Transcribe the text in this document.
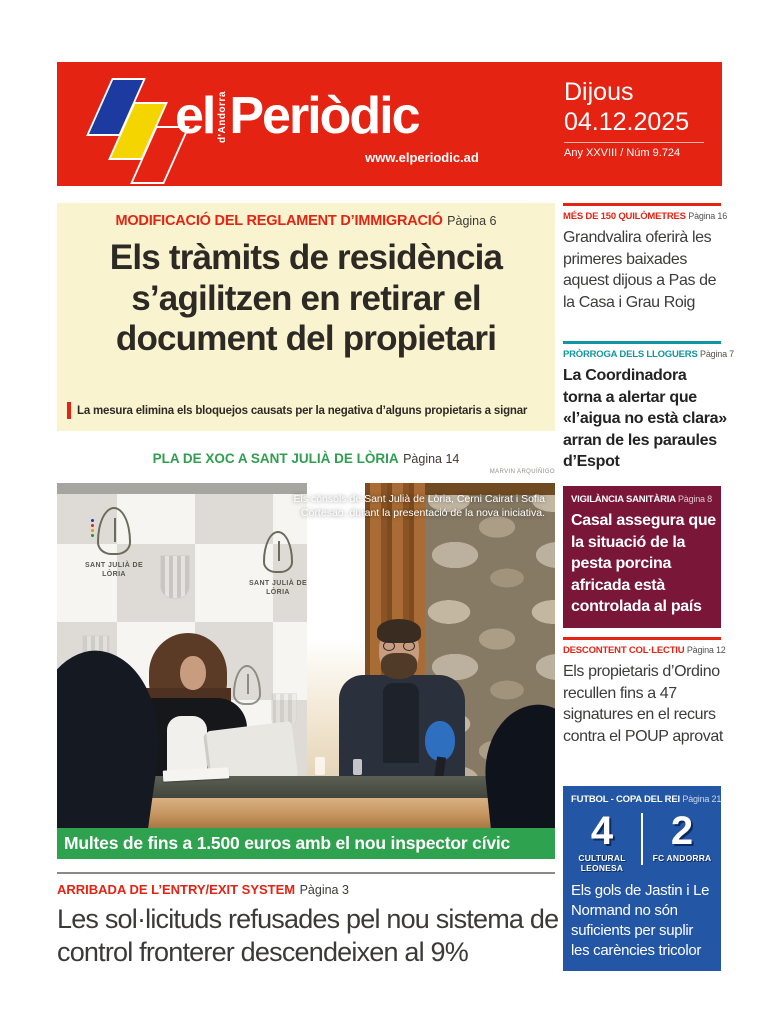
el d'Andorra Periòdic
www.elperiodic.ad
Dijous
04.12.2025
Any XXVIII / Núm 9.724
MODIFICACIÓ DEL REGLAMENT D’IMMIGRACIÓ Pàgina 6
Els tràmits de residència s’agilitzen en retirar el document del propietari
La mesura elimina els bloquejos causats per la negativa d’alguns propietaris a signar
PLA DE XOC A SANT JULIÀ DE LÒRIA Pàgina 14
MARVIN ARQUÍÑIGO
SANT JULIÀ DE LÒRIA
SANT JULIÀ DE LÒRIA
Els cònsols de Sant Julià de Lòria, Cerni Cairat i Sofia Cortesao, durant la presentació de la nova iniciativa.
Multes de fins a 1.500 euros amb el nou inspector cívic
ARRIBADA DE L’ENTRY/EXIT SYSTEM Pàgina 3
Les sol·licituds refusades pel nou sistema de control fronterer descendeixen al 9%
MÉS DE 150 QUILÒMETRES Pàgina 16
Grandvalira oferirà les primeres baixades aquest dijous a Pas de la Casa i Grau Roig
PRÒRROGA DELS LLOGUERS Pàgina 7
La Coordinadora torna a alertar que «l’aigua no està clara» arran de les paraules d’Espot
VIGILÀNCIA SANITÀRIA Pàgina 8
Casal assegura que la situació de la pesta porcina africada està controlada al país
DESCONTENT COL·LECTIU Pàgina 12
Els propietaris d’Ordino recullen fins a 47 signatures en el recurs contra el POUP aprovat
FUTBOL - COPA DEL REI Pàgina 21
4
CULTURAL LEONESA
2
FC ANDORRA
Els gols de Jastin i Le Normand no són suficients per suplir les carències tricolor
